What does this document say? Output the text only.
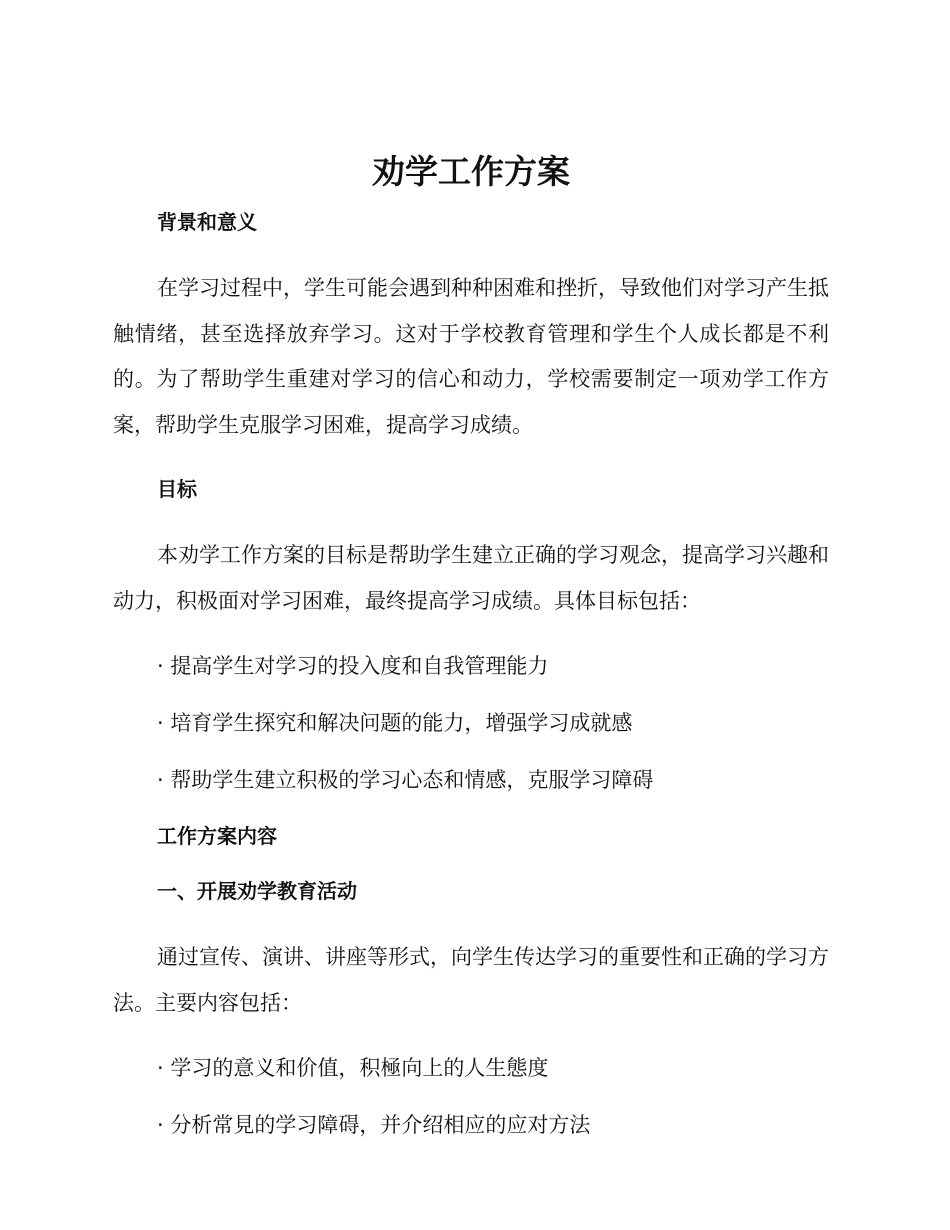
劝学工作方案
背景和意义

在学习过程中，学生可能会遇到种种困难和挫折，导致他们对学习产生抵触情绪，甚至选择放弃学习。这对于学校教育管理和学生个人成长都是不利的。为了帮助学生重建对学习的信心和动力，学校需要制定一项劝学工作方案，帮助学生克服学习困难，提高学习成绩。

目标

本劝学工作方案的目标是帮助学生建立正确的学习观念，提高学习兴趣和动力，积极面对学习困难，最终提高学习成绩。具体目标包括：

· 提高学生对学习的投入度和自我管理能力

· 培育学生探究和解决问题的能力，增强学习成就感

· 帮助学生建立积极的学习心态和情感，克服学习障碍

工作方案内容
一、开展劝学教育活动

通过宣传、演讲、讲座等形式，向学生传达学习的重要性和正确的学习方法。主要内容包括：

· 学习的意义和价值，积極向上的人生態度

· 分析常見的学习障碍，并介绍相应的应对方法
